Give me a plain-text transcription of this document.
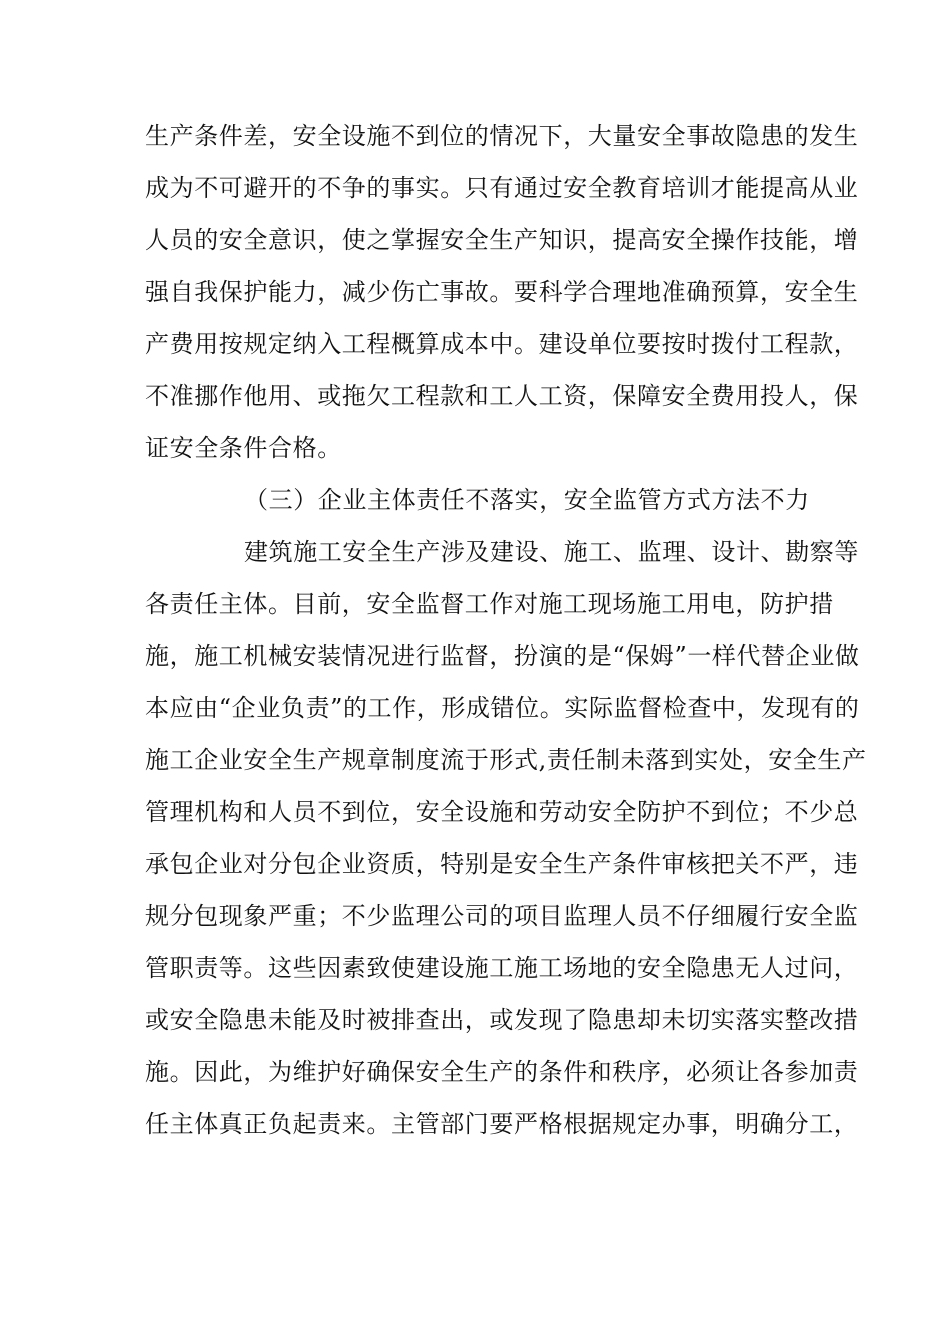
生产条件差，安全设施不到位的情况下，大量安全事故隐患的发生
成为不可避开的不争的事实。只有通过安全教育培训才能提高从业
人员的安全意识，使之掌握安全生产知识，提高安全操作技能，增
强自我保护能力，减少伤亡事故。要科学合理地准确预算，安全生
产费用按规定纳入工程概算成本中。建设单位要按时拨付工程款，
不准挪作他用、或拖欠工程款和工人工资，保障安全费用投人，保
证安全条件合格。
（三）企业主体责任不落实，安全监管方式方法不力
建筑施工安全生产涉及建设、施工、监理、设计、勘察等
各责任主体。目前，安全监督工作对施工现场施工用电，防护措
施，施工机械安装情况进行监督，扮演的是“保姆”一样代替企业做
本应由“企业负责”的工作，形成错位。实际监督检查中，发现有的
施工企业安全生产规章制度流于形式,责任制未落到实处，安全生产
管理机构和人员不到位，安全设施和劳动安全防护不到位；不少总
承包企业对分包企业资质，特别是安全生产条件审核把关不严，违
规分包现象严重；不少监理公司的项目监理人员不仔细履行安全监
管职责等。这些因素致使建设施工施工场地的安全隐患无人过问，
或安全隐患未能及时被排查出，或发现了隐患却未切实落实整改措
施。因此，为维护好确保安全生产的条件和秩序，必须让各参加责
任主体真正负起责来。主管部门要严格根据规定办事，明确分工，
